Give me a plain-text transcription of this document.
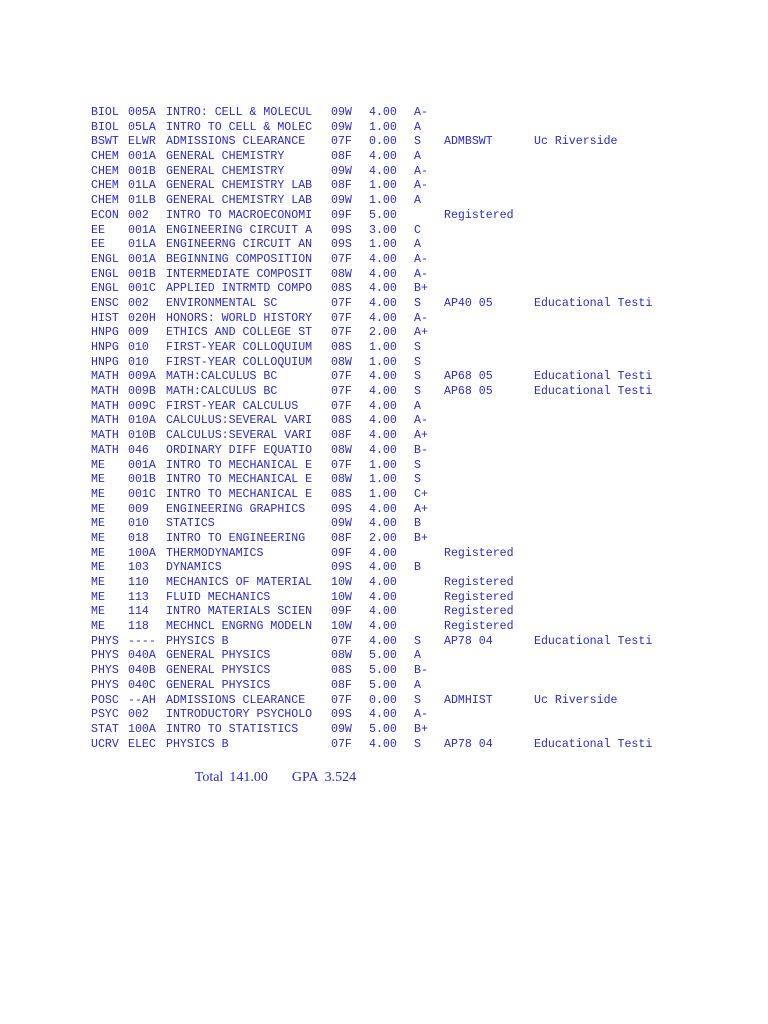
BIOL 005A INTRO: CELL & MOLECUL 09W 4.00 A-
BIOL 05LA INTRO TO CELL & MOLEC 09W 1.00 A
BSWT ELWR ADMISSIONS CLEARANCE 07F 0.00 S ADMBSWT	Uc Riverside
CHEM 001A GENERAL CHEMISTRY	08F 4.00 A
CHEM 001B GENERAL CHEMISTRY	09W 4.00 A-
CHEM 01LA GENERAL CHEMISTRY LAB 08F 1.00 A-
CHEM 01LB GENERAL CHEMISTRY LAB 09W 1.00 A
ECON 002 INTRO TO MACROECONOMI 09F 5.00	Registered
EE 001A ENGINEERING CIRCUIT A 09S 3.00 C
EE 01LA ENGINEERNG CIRCUIT AN 09S 1.00 A
ENGL 001A BEGINNING COMPOSITION 07F 4.00 A-
ENGL 001B INTERMEDIATE COMPOSIT 08W 4.00 A-
ENGL 001C APPLIED INTRMTD COMPO 08S 4.00 B+
ENSC 002 ENVIRONMENTAL SC	07F 4.00 S AP40 05	Educational Testi
HIST 020H HONORS: WORLD HISTORY 07F 4.00 A-
HNPG 009 ETHICS AND COLLEGE ST 07F 2.00 A+
HNPG 010 FIRST-YEAR COLLOQUIUM 08S 1.00 S
HNPG 010 FIRST-YEAR COLLOQUIUM 08W 1.00 S
MATH 009A MATH:CALCULUS BC	07F 4.00 S AP68 05	Educational Testi
MATH 009B MATH:CALCULUS BC	07F 4.00 S AP68 05	Educational Testi
MATH 009C FIRST-YEAR CALCULUS	07F 4.00 A
MATH 010A CALCULUS:SEVERAL VARI 08S 4.00 A-
MATH 010B CALCULUS:SEVERAL VARI 08F 4.00 A+
MATH 046 ORDINARY DIFF EQUATIO 08W 4.00 B-
ME 001A INTRO TO MECHANICAL E 07F 1.00 S
ME 001B INTRO TO MECHANICAL E 08W 1.00 S
ME 001C INTRO TO MECHANICAL E 08S 1.00 C+
ME 009 ENGINEERING GRAPHICS 09S 4.00 A+
ME 010 STATICS	09W 4.00 B
ME 018 INTRO TO ENGINEERING 08F 2.00 B+
ME 100A THERMODYNAMICS	09F 4.00	Registered
ME 103 DYNAMICS	09S 4.00 B
ME 110 MECHANICS OF MATERIAL 10W 4.00	Registered
ME 113 FLUID MECHANICS	10W 4.00	Registered
ME 114 INTRO MATERIALS SCIEN 09F 4.00	Registered
ME 118 MECHNCL ENGRNG MODELN 10W 4.00	Registered
PHYS ---- PHYSICS B	07F 4.00 S AP78 04	Educational Testi
PHYS 040A GENERAL PHYSICS	08W 5.00 A
PHYS 040B GENERAL PHYSICS	08S 5.00 B-
PHYS 040C GENERAL PHYSICS	08F 5.00 A
POSC --AH ADMISSIONS CLEARANCE 07F 0.00 S ADMHIST	Uc Riverside
PSYC 002 INTRODUCTORY PSYCHOLO 09S 4.00 A-
STAT 100A INTRO TO STATISTICS	09W 5.00 B+
UCRV ELEC PHYSICS B	07F 4.00 S AP78 04	Educational Testi

Total 141.00 GPA 3.524
